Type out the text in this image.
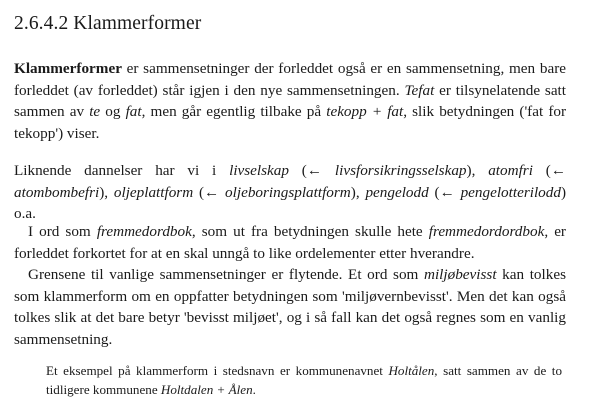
2.6.4.2 Klammerformer

Klammerformer er sammensetninger der forleddet også er en sammensetning, men bare forleddet (av forleddet) står igjen i den nye sammensetningen. Tefat er tilsynelatende satt sammen av te og fat, men går egentlig tilbake på tekopp + fat, slik betydningen ('fat for tekopp') viser.

Liknende dannelser har vi i livselskap (← livsforsikringsselskap), atomfri (← atombombefri), oljeplattform (← oljeboringsplattform), pengelodd (← pengelotterilodd) o.a.

I ord som fremmedordbok, som ut fra betydningen skulle hete fremmedordordbok, er forleddet forkortet for at en skal unngå to like ordelementer etter hverandre.

Grensene til vanlige sammensetninger er flytende. Et ord som miljøbevisst kan tolkes som klammerform om en oppfatter betydningen som 'miljøvernbevisst'. Men det kan også tolkes slik at det bare betyr 'bevisst miljøet', og i så fall kan det også regnes som en vanlig sammensetning.

Et eksempel på klammerform i stedsnavn er kommunenavnet Holtålen, satt sammen av de to tidligere kommunene Holtdalen + Ålen.
